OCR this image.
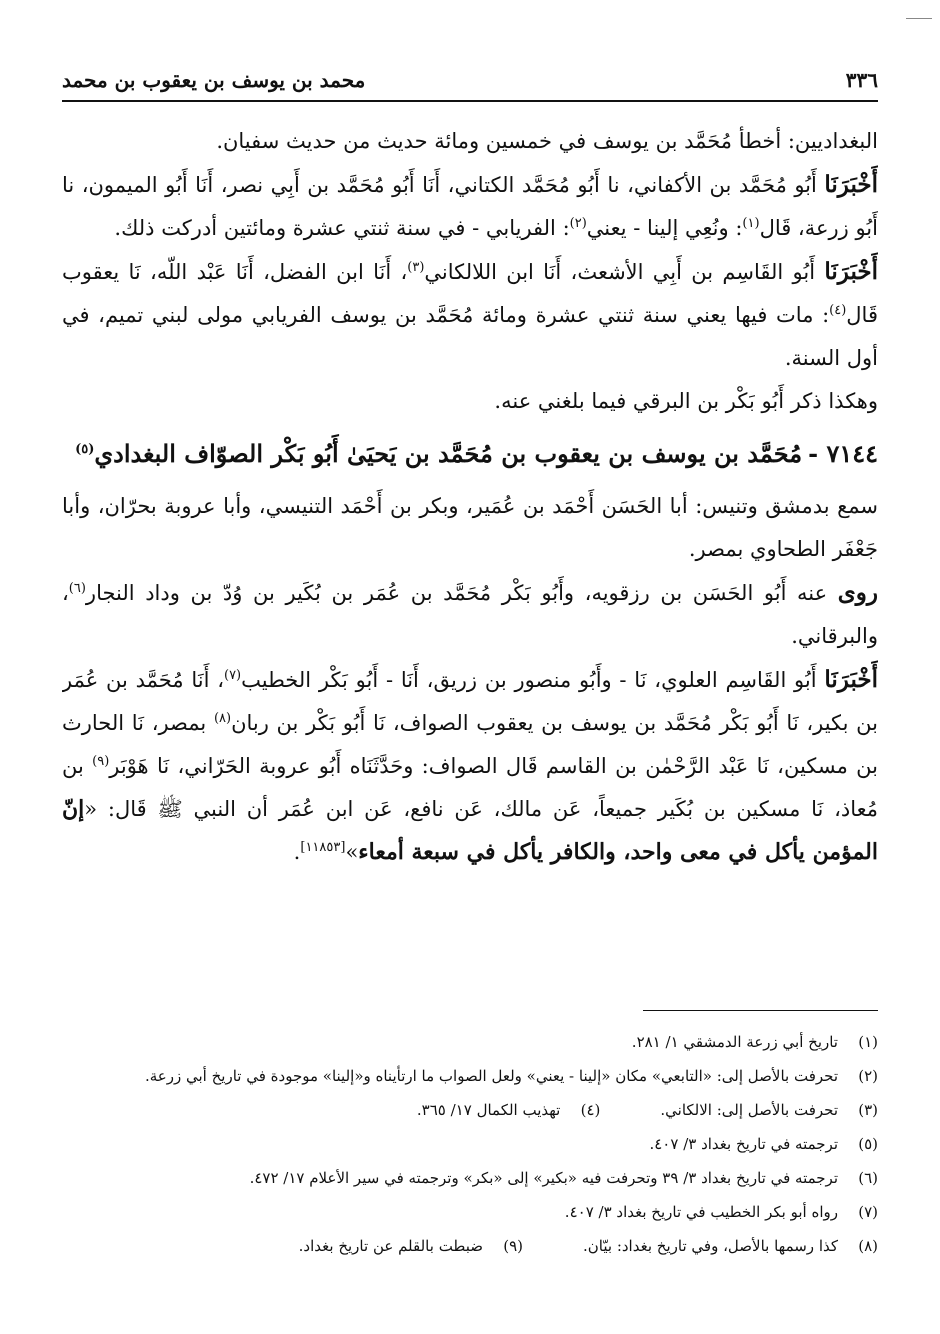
٣٣٦
محمد بن يوسف بن يعقوب بن محمد

البغداديين: أخطأ مُحَمَّد بن يوسف في خمسين ومائة حديث من حديث سفيان.

أَخْبَرَنَا أَبُو مُحَمَّد بن الأكفاني، نا أَبُو مُحَمَّد الكتاني، أَنَا أَبُو مُحَمَّد بن أَبِي نصر، أَنَا أَبُو الميمون، نا أَبُو زرعة، قَال$^{(١)}$: ونُعِي إلينا - يعني$^{(٢)}$: الفريابي - في سنة ثنتي عشرة ومائتين أدركت ذلك.

أَخْبَرَنَا أَبُو القَاسِم بن أَبِي الأشعث، أَنَا ابن اللالكاني$^{(٣)}$، أَنَا ابن الفضل، أَنَا عَبْد اللّه، نَا يعقوب قَال$^{(٤)}$: مات فيها يعني سنة ثنتي عشرة ومائة مُحَمَّد بن يوسف الفريابي مولى لبني تميم، في أول السنة.

وهكذا ذكر أَبُو بَكْر بن البرقي فيما بلغني عنه.

٧١٤٤ -مُحَمَّد بن يوسف بن يعقوب بن مُحَمَّد بن يَحيَىٰ أَبُو بَكْر الصوّاف البغدادي$^{(٥)}$

سمع بدمشق وتنيس: أبا الحَسَن أَحْمَد بن عُمَير، وبكر بن أَحْمَد التنيسي، وأبا عروبة بحرّان، وأبا جَعْفَر الطحاوي بمصر.

روى عنه أَبُو الحَسَن بن رزقويه، وأَبُو بَكْر مُحَمَّد بن عُمَر بن بُكَير بن وُدّ بن وداد النجار$^{(٦)}$، والبرقاني.

أَخْبَرَنَا أَبُو القَاسِم العلوي، نَا - وأَبُو منصور بن زريق، أَنَا - أَبُو بَكْر الخطيب$^{(٧)}$، أَنَا مُحَمَّد بن عُمَر بن بكير، نَا أَبُو بَكْر مُحَمَّد بن يوسف بن يعقوب الصواف، نَا أَبُو بَكْر بن ربان$^{(٨)}$ بمصر، نَا الحارث بن مسكين، نَا عَبْد الرَّحْمٰن بن القاسم قَال الصواف: وحَدَّثَنَاه أَبُو عروبة الحَرّاني، نَا هَوْبَر$^{(٩)}$ بن مُعاذ، نَا مسكين بن بُكَير جميعاً، عَن مالك، عَن نافع، عَن ابن عُمَر أن النبي ﷺ قَال: «إنّ المؤمن يأكل في معى واحد، والكافر يأكل في سبعة أمعاء»[١١٨٥٣].

(١)
تاريخ أبي زرعة الدمشقي ١/ ٢٨١.
(٢)
تحرفت بالأصل إلى: «التابعي» مكان «إلينا - يعني» ولعل الصواب ما ارتأيناه و«إلينا» موجودة في تاريخ أبي زرعة.
(٣)
تحرفت بالأصل إلى: الالكاني.
(٤)
تهذيب الكمال ١٧/ ٣٦٥.
(٥)
ترجمته في تاريخ بغداد ٣/ ٤٠٧.
(٦)
ترجمته في تاريخ بغداد ٣/ ٣٩ وتحرفت فيه «بكير» إلى «بكر» وترجمته في سير الأعلام ١٧/ ٤٧٢.
(٧)
رواه أبو بكر الخطيب في تاريخ بغداد ٣/ ٤٠٧.
(٨)
كذا رسمها بالأصل، وفي تاريخ بغداد: بيّان.
(٩)
ضبطت بالقلم عن تاريخ بغداد.
